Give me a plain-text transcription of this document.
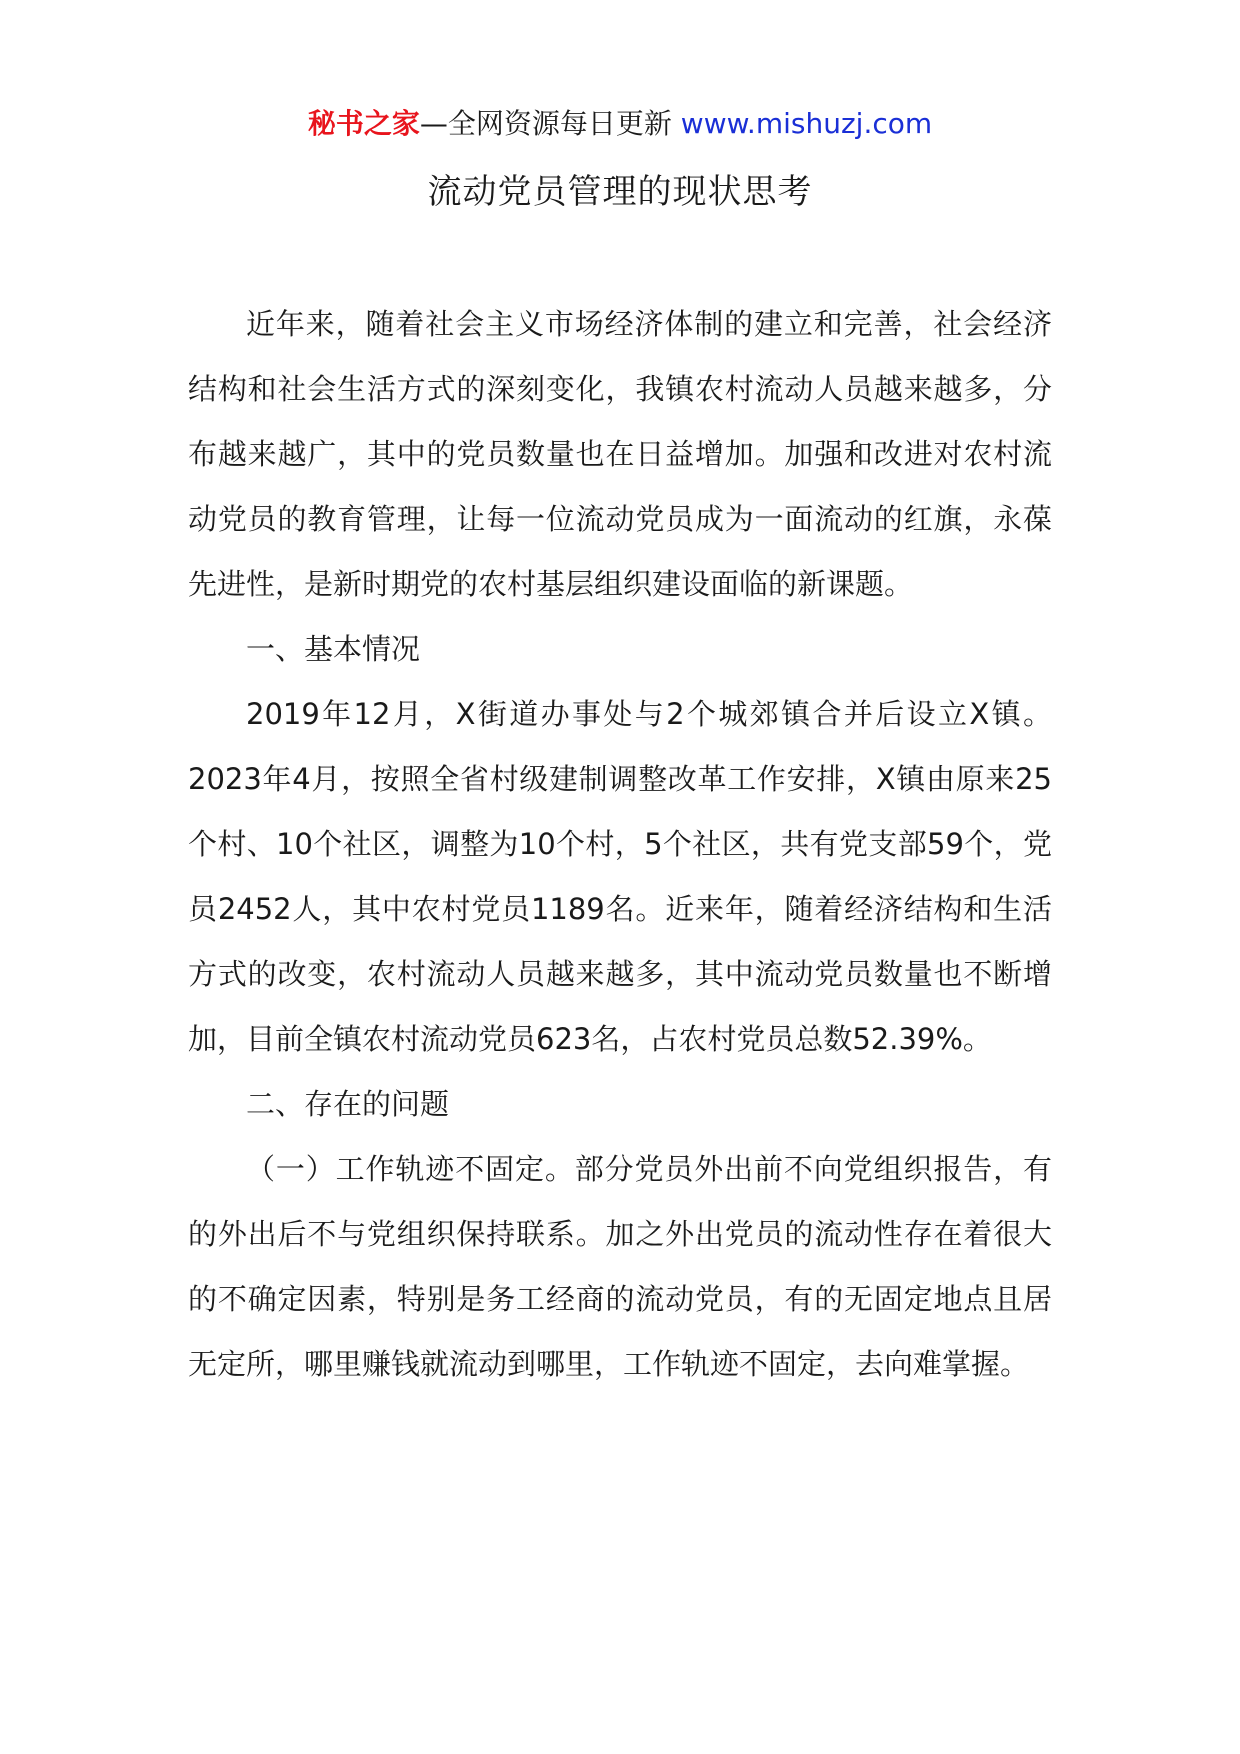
秘书之家—全网资源每日更新 www.mishuzj.com
流动党员管理的现状思考

近年来，随着社会主义市场经济体制的建立和完善，社会经济结构和社会生活方式的深刻变化，我镇农村流动人员越来越多，分布越来越广，其中的党员数量也在日益增加。加强和改进对农村流动党员的教育管理，让每一位流动党员成为一面流动的红旗，永葆先进性，是新时期党的农村基层组织建设面临的新课题。

一、基本情况

2019年12月，X街道办事处与2个城郊镇合并后设立X镇。2023年4月，按照全省村级建制调整改革工作安排，X镇由原来25个村、10个社区，调整为10个村，5个社区，共有党支部59个，党员2452人，其中农村党员1189名。近来年，随着经济结构和生活方式的改变，农村流动人员越来越多，其中流动党员数量也不断增加，目前全镇农村流动党员623名，占农村党员总数52.39%。

二、存在的问题

（一）工作轨迹不固定。部分党员外出前不向党组织报告，有的外出后不与党组织保持联系。加之外出党员的流动性存在着很大的不确定因素，特别是务工经商的流动党员，有的无固定地点且居无定所，哪里赚钱就流动到哪里，工作轨迹不固定，去向难掌握。
